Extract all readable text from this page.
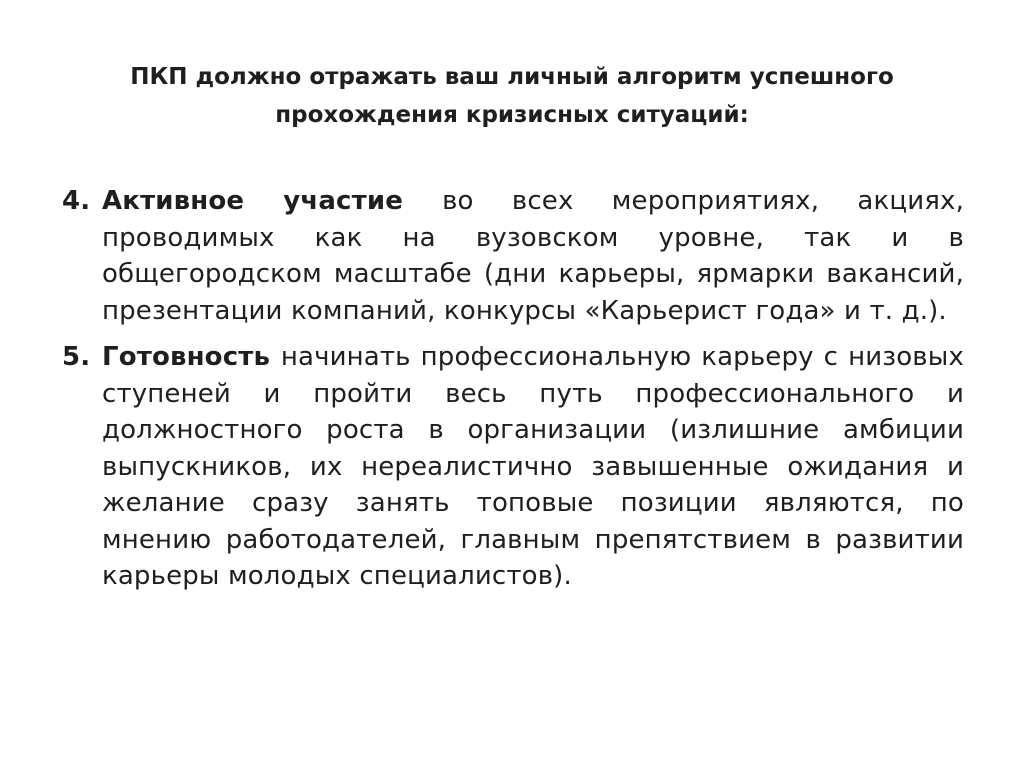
ПКП должно отражать ваш личный алгоритм успешного прохождения кризисных ситуаций:
4. Активное участие во всех мероприятиях, акциях, проводимых как на вузовском уровне, так и в общегородском масштабе (дни карьеры, ярмарки вакансий, презентации компаний, конкурсы «Карьерист года» и т. д.).
5. Готовность начинать профессиональную карьеру с низовых ступеней и пройти весь путь профессионального и должностного роста в организации (излишние амбиции выпускников, их нереалистично завышенные ожидания и желание сразу занять топовые позиции являются, по мнению работодателей, главным препятствием в развитии карьеры молодых специалистов).
